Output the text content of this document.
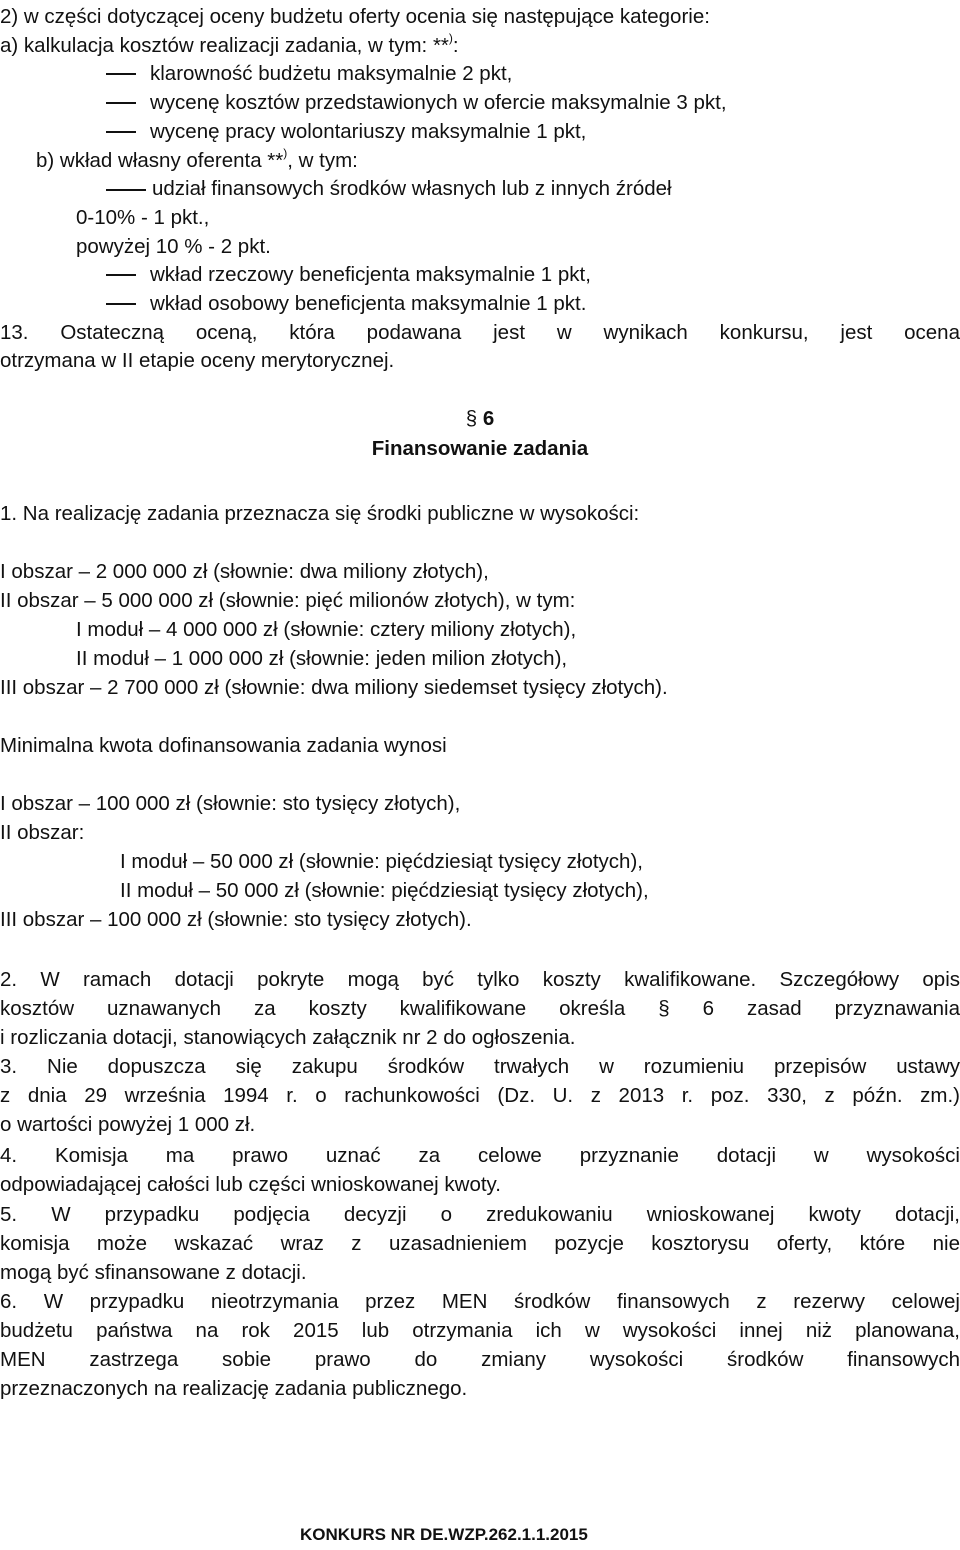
2) w części dotyczącej oceny budżetu oferty ocenia się następujące kategorie:
a) kalkulacja kosztów realizacji zadania, w tym: **):
klarowność budżetu maksymalnie 2 pkt,
wycenę kosztów przedstawionych w ofercie maksymalnie 3 pkt,
wycenę pracy wolontariuszy maksymalnie 1 pkt,
b) wkład własny oferenta **), w tym:
udział finansowych środków własnych lub z innych źródeł
0-10% - 1 pkt.,
powyżej 10 % - 2 pkt.
wkład rzeczowy beneficjenta maksymalnie 1 pkt,
wkład osobowy beneficjenta maksymalnie 1 pkt.
13. Ostateczną oceną, która podawana jest w wynikach konkursu, jest ocena
otrzymana w II etapie oceny merytorycznej.
§ 6
Finansowanie zadania
1. Na realizację zadania przeznacza się środki publiczne w wysokości:
I obszar – 2 000 000 zł (słownie: dwa miliony złotych),
II obszar – 5 000 000 zł (słownie: pięć milionów złotych), w tym:
I moduł – 4 000 000 zł (słownie: cztery miliony złotych),
II moduł – 1 000 000 zł (słownie: jeden milion złotych),
III obszar – 2 700 000 zł (słownie: dwa miliony siedemset tysięcy złotych).
Minimalna kwota dofinansowania zadania wynosi
I obszar – 100 000 zł (słownie: sto tysięcy złotych),
II obszar:
I moduł – 50 000 zł (słownie: pięćdziesiąt tysięcy złotych),
II moduł – 50 000 zł (słownie: pięćdziesiąt tysięcy złotych),
III obszar – 100 000 zł (słownie: sto tysięcy złotych).
2. W ramach dotacji pokryte mogą być tylko koszty kwalifikowane. Szczegółowy opis
kosztów uznawanych za koszty kwalifikowane określa § 6 zasad przyznawania
i rozliczania dotacji, stanowiących załącznik nr 2 do ogłoszenia.
3. Nie dopuszcza się zakupu środków trwałych w rozumieniu przepisów ustawy
z dnia 29 września 1994 r. o rachunkowości (Dz. U. z 2013 r. poz. 330, z późn. zm.)
o wartości powyżej 1 000 zł.
4. Komisja ma prawo uznać za celowe przyznanie dotacji w wysokości
odpowiadającej całości lub części wnioskowanej kwoty.
5. W przypadku podjęcia decyzji o zredukowaniu wnioskowanej kwoty dotacji,
komisja może wskazać wraz z uzasadnieniem pozycje kosztorysu oferty, które nie
mogą być sfinansowane z dotacji.
6. W przypadku nieotrzymania przez MEN środków finansowych z rezerwy celowej
budżetu państwa na rok 2015 lub otrzymania ich w wysokości innej niż planowana,
MEN zastrzega sobie prawo do zmiany wysokości środków finansowych
przeznaczonych na realizację zadania publicznego.
KONKURS NR DE.WZP.262.1.1.2015
